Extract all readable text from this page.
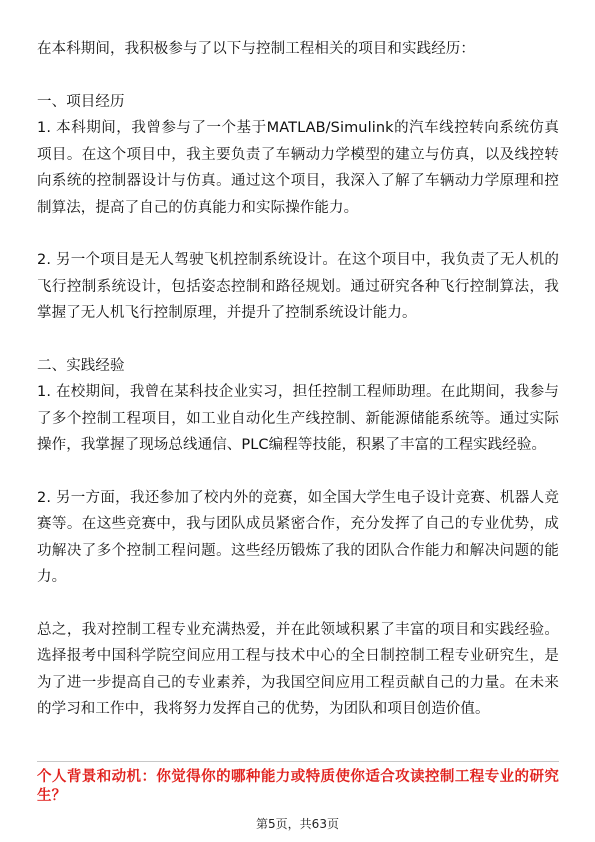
在本科期间，我积极参与了以下与控制工程相关的项目和实践经历：

一、项目经历

1. 本科期间，我曾参与了一个基于MATLAB/Simulink的汽车线控转向系统仿真项目。在这个项目中，我主要负责了车辆动力学模型的建立与仿真，以及线控转向系统的控制器设计与仿真。通过这个项目，我深入了解了车辆动力学原理和控制算法，提高了自己的仿真能力和实际操作能力。

2. 另一个项目是无人驾驶飞机控制系统设计。在这个项目中，我负责了无人机的飞行控制系统设计，包括姿态控制和路径规划。通过研究各种飞行控制算法，我掌握了无人机飞行控制原理，并提升了控制系统设计能力。

二、实践经验

1. 在校期间，我曾在某科技企业实习，担任控制工程师助理。在此期间，我参与了多个控制工程项目，如工业自动化生产线控制、新能源储能系统等。通过实际操作，我掌握了现场总线通信、PLC编程等技能，积累了丰富的工程实践经验。

2. 另一方面，我还参加了校内外的竞赛，如全国大学生电子设计竞赛、机器人竞赛等。在这些竞赛中，我与团队成员紧密合作，充分发挥了自己的专业优势，成功解决了多个控制工程问题。这些经历锻炼了我的团队合作能力和解决问题的能力。

总之，我对控制工程专业充满热爱，并在此领域积累了丰富的项目和实践经验。选择报考中国科学院空间应用工程与技术中心的全日制控制工程专业研究生，是为了进一步提高自己的专业素养，为我国空间应用工程贡献自己的力量。在未来的学习和工作中，我将努力发挥自己的优势，为团队和项目创造价值。

个人背景和动机：你觉得你的哪种能力或特质使你适合攻读控制工程专业的研究生？

第5页，共63页
